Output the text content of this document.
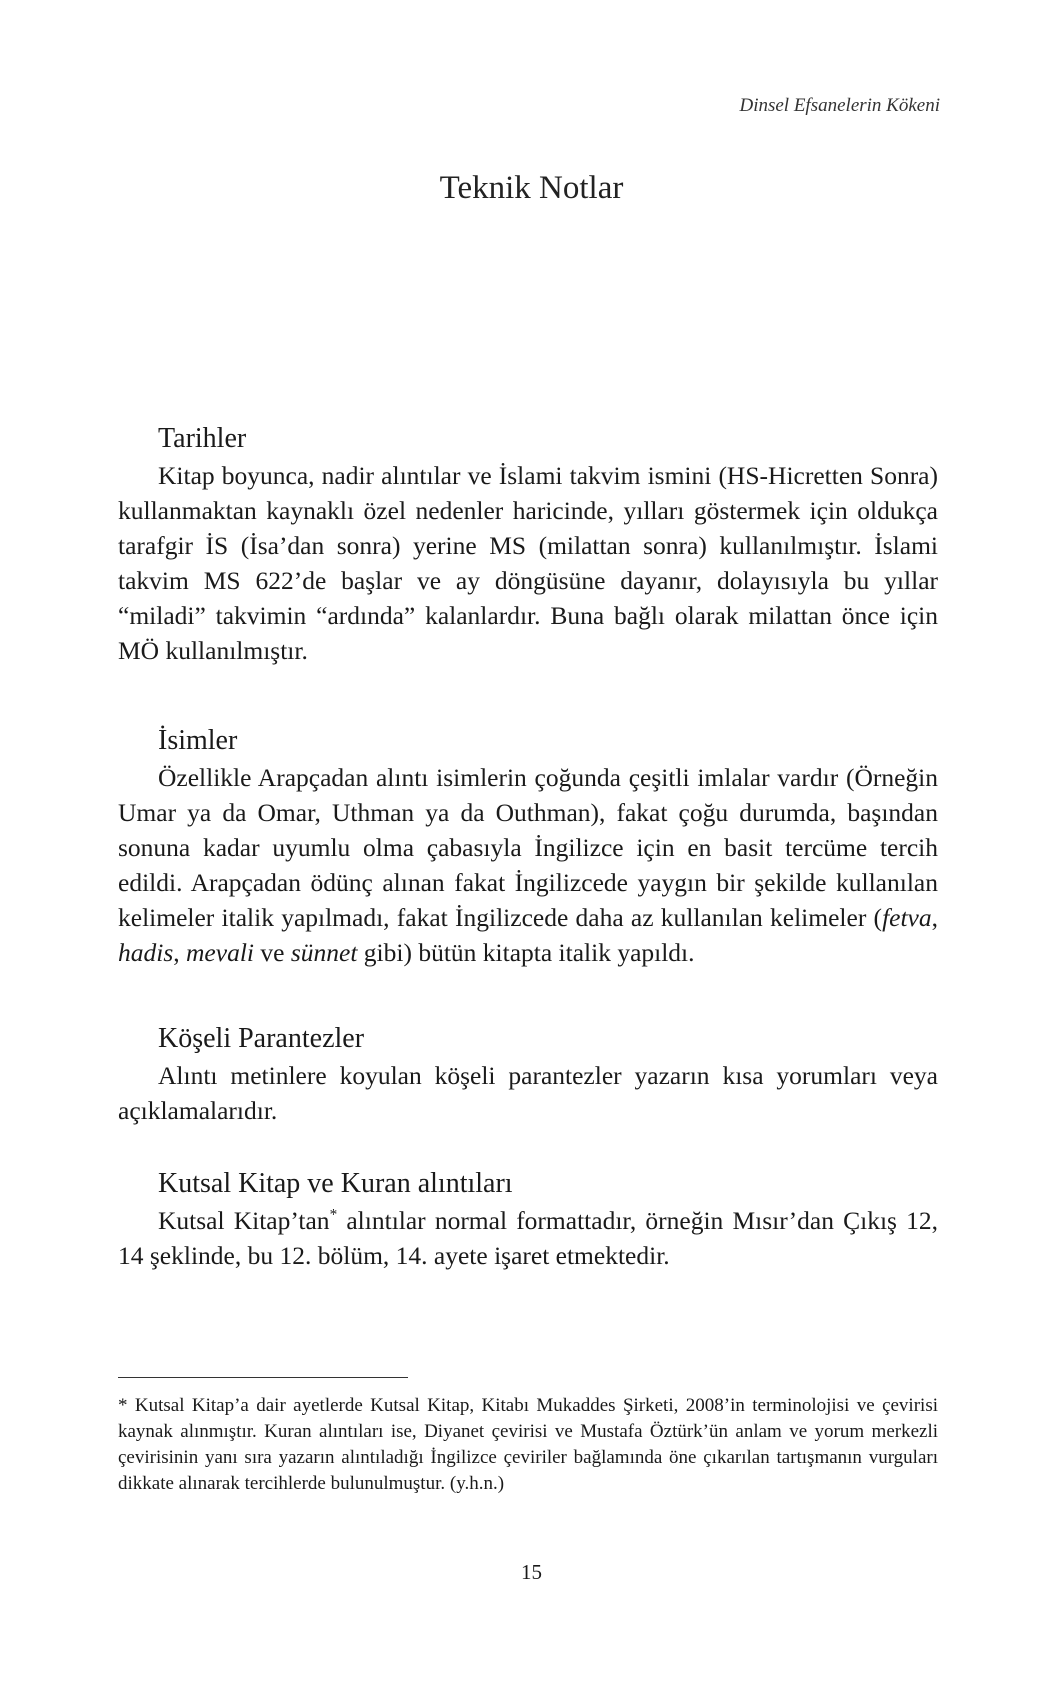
Dinsel Efsanelerin Kökeni
Teknik Notlar
Tarihler

Kitap boyunca, nadir alıntılar ve İslami takvim ismini (HS-Hicretten Sonra) kullanmaktan kaynaklı özel nedenler haricinde, yılları göstermek için oldukça tarafgir İS (İsa’dan sonra) yerine MS (milattan sonra) kullanılmıştır. İslami takvim MS 622’de başlar ve ay döngüsüne dayanır, dolayısıyla bu yıllar “miladi” takvimin “ardında” kalanlardır. Buna bağlı olarak milattan önce için MÖ kullanılmıştır.

İsimler

Özellikle Arapçadan alıntı isimlerin çoğunda çeşitli imlalar vardır (Örneğin Umar ya da Omar, Uthman ya da Outhman), fakat çoğu durumda, başından sonuna kadar uyumlu olma çabasıyla İngilizce için en basit tercüme tercih edildi. Arapçadan ödünç alınan fakat İngilizcede yaygın bir şekilde kullanılan kelimeler italik yapılmadı, fakat İngilizcede daha az kullanılan kelimeler (fetva, hadis, mevali ve sünnet gibi) bütün kitapta italik yapıldı.

Köşeli Parantezler

Alıntı metinlere koyulan köşeli parantezler yazarın kısa yorumları veya açıklamalarıdır.

Kutsal Kitap ve Kuran alıntıları

Kutsal Kitap’tan* alıntılar normal formattadır, örneğin Mısır’dan Çıkış 12, 14 şeklinde, bu 12. bölüm, 14. ayete işaret etmektedir.

* Kutsal Kitap’a dair ayetlerde Kutsal Kitap, Kitabı Mukaddes Şirketi, 2008’in terminolojisi ve çevirisi kaynak alınmıştır. Kuran alıntıları ise, Diyanet çevirisi ve Mustafa Öztürk’ün anlam ve yorum merkezli çevirisinin yanı sıra yazarın alıntıladığı İngilizce çeviriler bağlamında öne çıkarılan tartışmanın vurguları dikkate alınarak tercihlerde bulunulmuştur. (y.h.n.)

15
